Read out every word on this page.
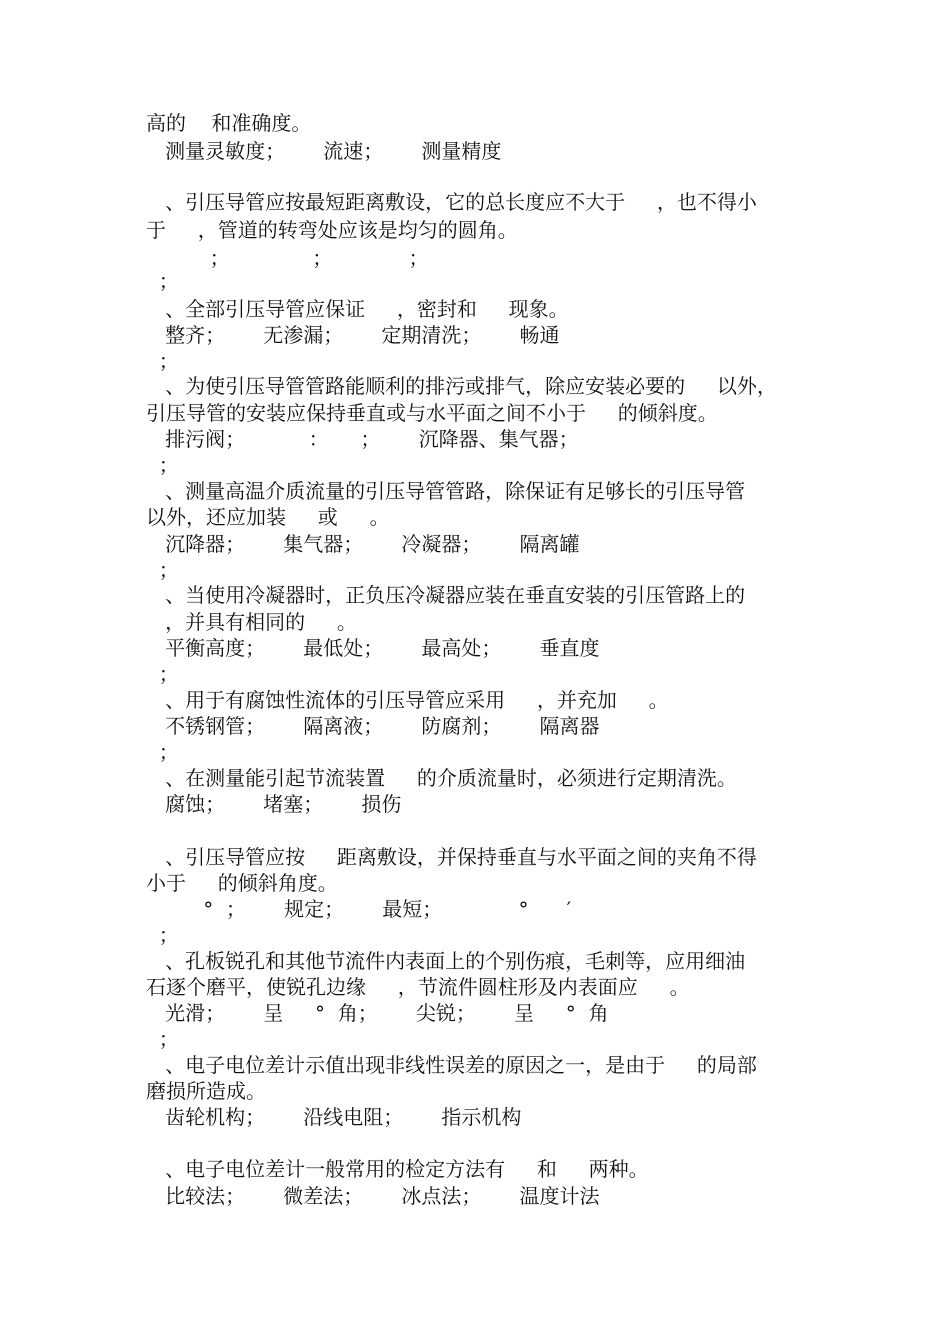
高的    和准确度。
测量灵敏度；      流速；      测量精度
、引压导管应按最短距离敷设，它的总长度应不大于     ，也不得小
于     ，管道的转弯处应该是均匀的圆角。
；             ；            ；
；
、全部引压导管应保证     ，密封和     现象。
整齐；      无渗漏；      定期清洗；      畅通
；
、为使引压导管管路能顺利的排污或排气，除应安装必要的     以外，
引压导管的安装应保持垂直或与水平面之间不小于     的倾斜度。
排污阀；          ：     ；      沉降器、集气器；
；
、测量高温介质流量的引压导管管路，除保证有足够长的引压导管
以外，还应加装     或     。
沉降器；      集气器；      冷凝器；      隔离罐
；
、当使用冷凝器时，正负压冷凝器应装在垂直安装的引压管路上的
，并具有相同的     。
平衡高度；      最低处；      最高处；      垂直度
；
、用于有腐蚀性流体的引压导管应采用     ，并充加     。
不锈钢管；      隔离液；      防腐剂；      隔离器
；
、在测量能引起节流装置     的介质流量时，必须进行定期清洗。
腐蚀；      堵塞；      损伤
、引压导管应按     距离敷设，并保持垂直与水平面之间的夹角不得
小于     的倾斜角度。
°  ；      规定；      最短；            °      ′
；
、孔板锐孔和其他节流件内表面上的个别伤痕，毛刺等，应用细油
石逐个磨平，使锐孔边缘     ，节流件圆柱形及内表面应     。
光滑；      呈     °  角；      尖锐；      呈     °  角
；
、电子电位差计示值出现非线性误差的原因之一，是由于     的局部
磨损所造成。
齿轮机构；      沿线电阻；      指示机构
、电子电位差计一般常用的检定方法有     和     两种。
比较法；      微差法；      冰点法；      温度计法
